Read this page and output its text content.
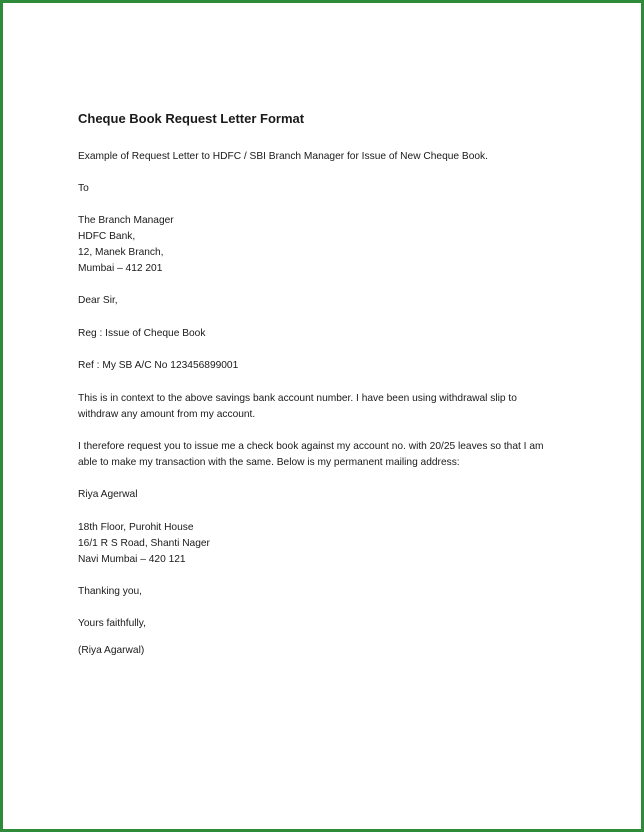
Cheque Book Request Letter Format
Example of Request Letter to HDFC / SBI Branch Manager for Issue of New Cheque Book.
To
The Branch Manager
HDFC Bank,
12, Manek Branch,
Mumbai – 412 201
Dear Sir,
Reg : Issue of Cheque Book
Ref : My SB A/C No 123456899001
This is in context to the above savings bank account number. I have been using withdrawal slip to
withdraw any amount from my account.
I therefore request you to issue me a check book against my account no. with 20/25 leaves so that I am
able to make my transaction with the same. Below is my permanent mailing address:
Riya Agerwal
18th Floor, Purohit House
16/1 R S Road, Shanti Nager
Navi Mumbai – 420 121
Thanking you,
Yours faithfully,
(Riya Agarwal)
